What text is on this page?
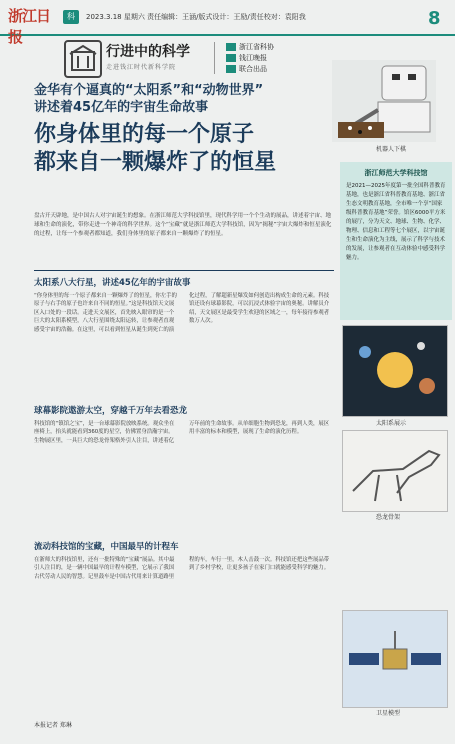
浙江日报
科	2023.3.18 星期六 责任编辑：王涵/版式设计：王励/责任校对：袁阳我	8
行进中的科学
走进钱江时代新科学院
浙江省科协
钱江晚报
联合出品
金华有个逼真的“太阳系”和“动物世界”
讲述着45亿年的宇宙生命故事
你身体里的每一个原子
都来自一颗爆炸了的恒星	机器人下棋
浙江师范大学科技馆
是2021—2025年度第一批全国科普教育基地，也是浙江省科普教育基地、浙江省生态文明教育基地，全市唯一个享“国家级科普教育基地”荣誉。馆区6000平方米的展厅，分为天文、地球、生物、化学、物理、信息和工程等七个展区，以宇宙诞生和生命演化为主线，展示了科学与技术的发展，让参观者在互动体验中感受科学魅力。
盘古开天辟地，是中国古人对宇宙诞生的想象。在浙江师范大学科技馆里，现代科学用一个个生动的展品，讲述着宇宙、地球和生命的演化，带你走进一个神奇的科学世界。这个“宝藏”就是浙江师范大学科技馆，因为“揭秘”宇宙大爆炸和恒星演化的过程，让每一个参观者都知道，我们身体里的原子都来自一颗爆炸了的恒星。
太阳系八大行星，讲述45亿年的宇宙故事
“你身体里的每一个原子都来自一颗爆炸了的恒星，你左手的原子与右手的原子也许来自不同的恒星。”这是科技馆天文展区入口处的一段话。走进天文展区，首先映入眼帘的是一个巨大的太阳系模型，八大行星围绕太阳运转，让参观者直观感受宇宙的浩瀚。在这里，可以看到恒星从诞生到死亡的演化过程，了解超新星爆发如何创造出构成生命的元素。科技馆还设有球幕影院，可以沉浸式体验宇宙的奥秘。讲解员介绍，天文展区是最受学生欢迎的区域之一，每年接待参观者数万人次。
太阳系展示
球幕影院遨游太空，穿越千万年去看恐龙
科技馆的“镇馆之宝”，是一台球幕影院放映系统。观众坐在座椅上，抬头就能看到360度的星空，仿佛置身浩瀚宇宙。生物展区里，一具巨大的恐龙骨架格外引人注目，讲述着亿万年前的生命故事。从单细胞生物到恐龙，再到人类，展区用丰富的标本和模型，展现了生命的演化历程。
恐龙骨架
流动科技馆的宝藏，中国最早的计程车
在浙师大的科技馆里，还有一批特殊的“宝藏”展品。其中最引人注目的，是一辆中国最早的计程车模型，它展示了我国古代劳动人民的智慧。记里鼓车是中国古代用来计算道路里程的车，车行一里，木人击鼓一次。科技馆还把这些展品带到了乡村学校，让更多孩子在家门口就能感受科学的魅力。
卫星模型
本报记者 郑琳
